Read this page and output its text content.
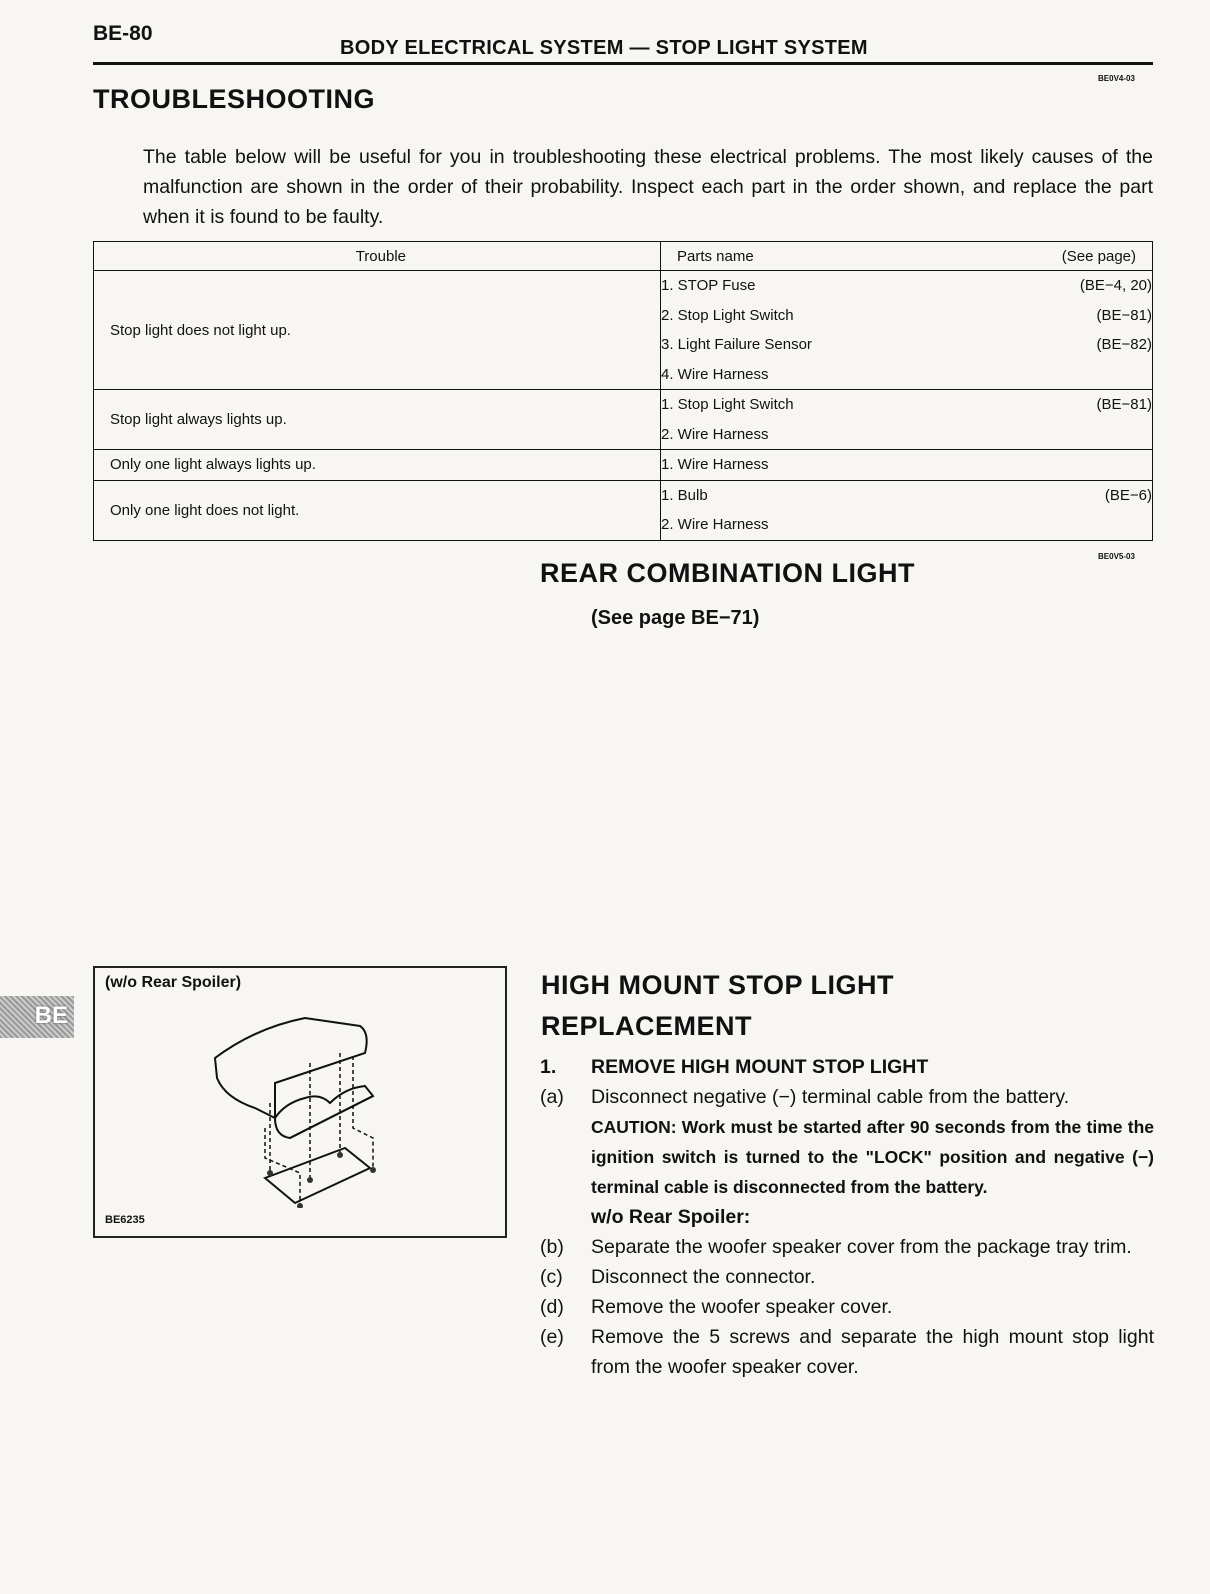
BE-80
BODY ELECTRICAL SYSTEM — STOP LIGHT SYSTEM
BE0V4-03
TROUBLESHOOTING
The table below will be useful for you in troubleshooting these electrical problems. The most likely causes of the malfunction are shown in the order of their probability. Inspect each part in the order shown, and replace the part when it is found to be faulty.
Trouble	Parts name	(See page)

Stop light does not light up.	
1. STOP Fuse	(BE−4, 20)
2. Stop Light Switch	(BE−81)
3. Light Failure Sensor	(BE−82)
4. Wire Harness	

Stop light always lights up.	
1. Stop Light Switch	(BE−81)
2. Wire Harness	

Only one light always lights up.		1. Wire Harness	

Only one light does not light.	
1. Bulb	(BE−6)
2. Wire Harness	
BE0V5-03
REAR COMBINATION LIGHT
(See page BE−71)
BE
(w/o Rear Spoiler)
BE6235
HIGH MOUNT STOP LIGHT
REPLACEMENT
1.	REMOVE HIGH MOUNT STOP LIGHT
(a)	Disconnect negative (−) terminal cable from the battery.
CAUTION: Work must be started after 90 seconds from the time the ignition switch is turned to the "LOCK" position and negative (−) terminal cable is disconnected from the battery.
w/o Rear Spoiler:
(b)	Separate the woofer speaker cover from the package tray trim.
(c)	Disconnect the connector.
(d)	Remove the woofer speaker cover.
(e)	Remove the 5 screws and separate the high mount stop light from the woofer speaker cover.
